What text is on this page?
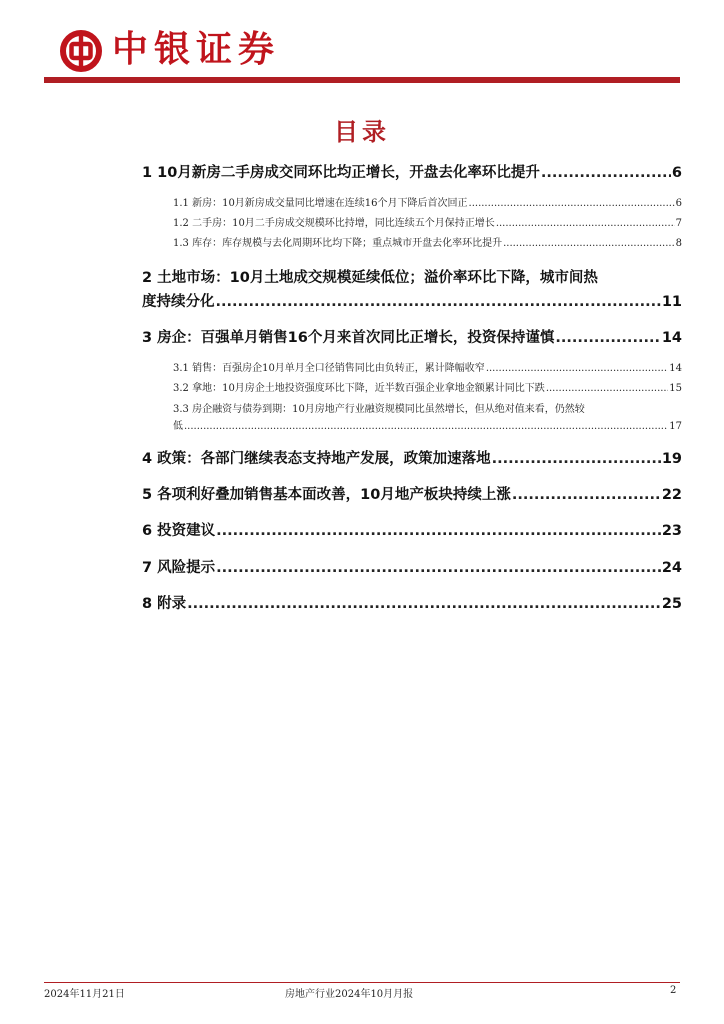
中银证券
目录
1 10月新房二手房成交同环比均正增长，开盘去化率环比提升 .....	6
1.1 新房：10月新房成交量同比增速在连续16个月下降后首次回正 .....	6
1.2 二手房：10月二手房成交规模环比持增，同比连续五个月保持正增长 .....	7
1.3 库存：库存规模与去化周期环比均下降；重点城市开盘去化率环比提升 .....	8
2 土地市场：10月土地成交规模延续低位；溢价率环比下降，城市间热
度持续分化 .....	11
3 房企：百强单月销售16个月来首次同比正增长，投资保持谨慎 .....	14
3.1 销售：百强房企10月单月全口径销售同比由负转正，累计降幅收窄 .....	14
3.2 拿地：10月房企土地投资强度环比下降，近半数百强企业拿地金额累计同比下跌 .....	15
3.3 房企融资与债券到期：10月房地产行业融资规模同比虽然增长，但从绝对值来看，仍然较
低 .....	17
4 政策：各部门继续表态支持地产发展，政策加速落地 .....	19
5 各项利好叠加销售基本面改善，10月地产板块持续上涨 .....	22
6 投资建议 .....	23
7 风险提示 .....	24
8 附录 .....	25
2024年11月21日	房地产行业2024年10月月报	2
